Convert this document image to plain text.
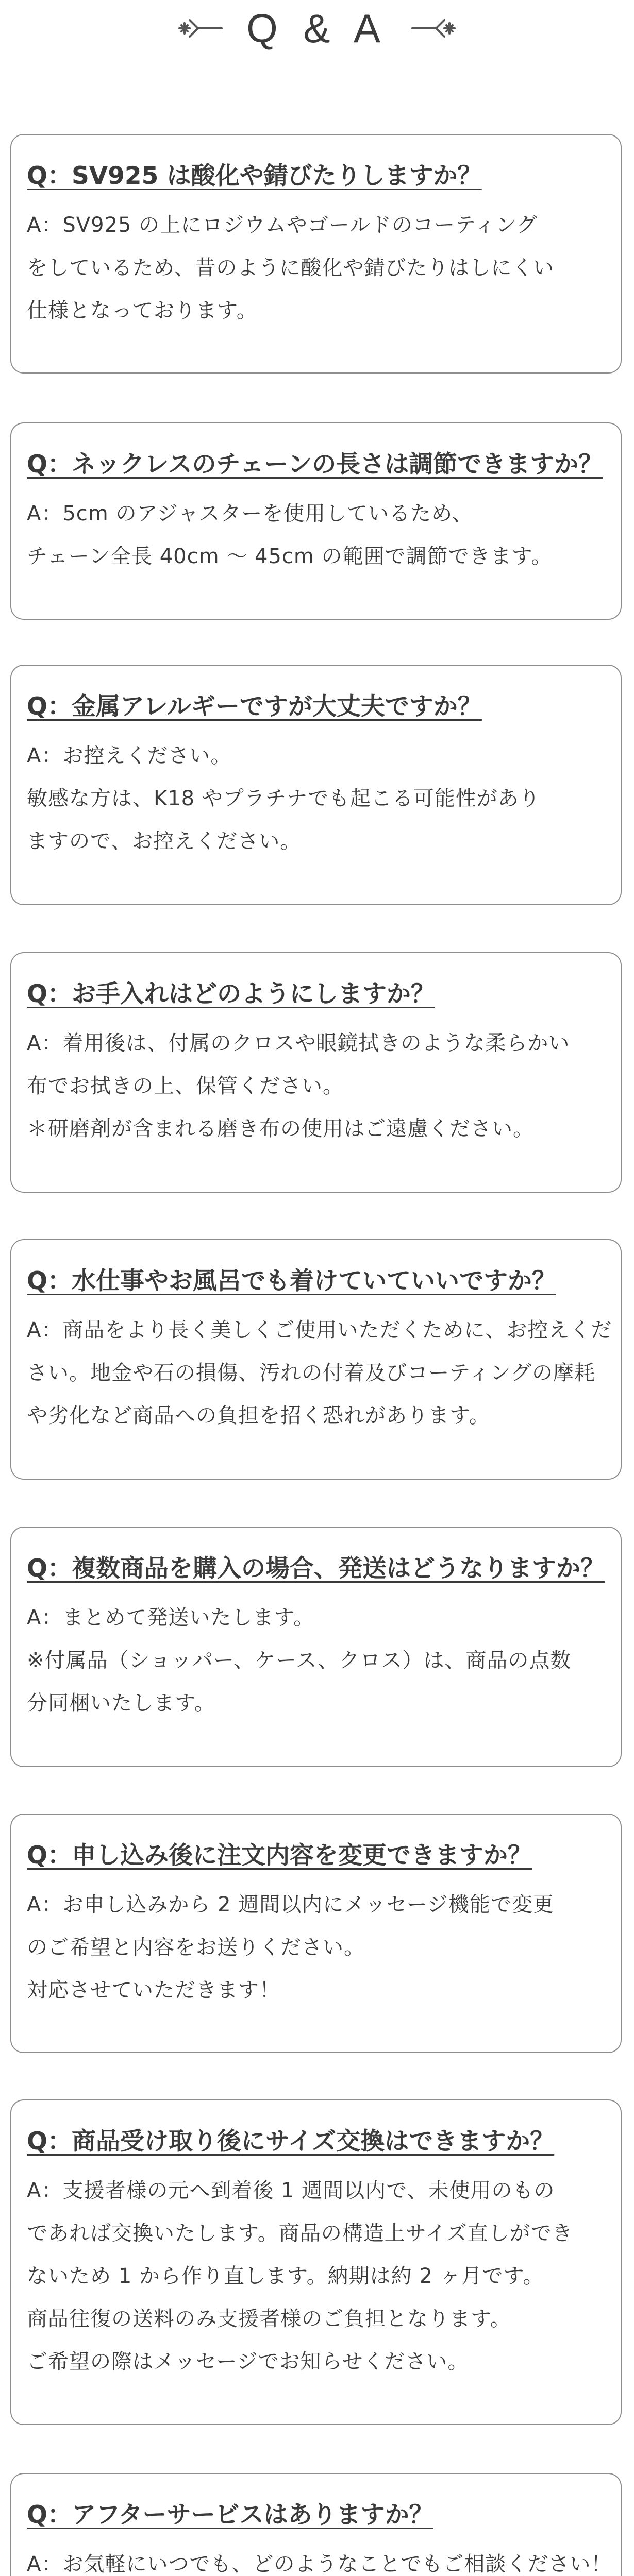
Q & A
Q：SV925 は酸化や錆びたりしますか？
A：SV925 の上にロジウムやゴールドのコーティング
をしているため、昔のように酸化や錆びたりはしにくい
仕様となっております。
Q：ネックレスのチェーンの長さは調節できますか？
A：5cm のアジャスターを使用しているため、
チェーン全長 40cm ～ 45cm の範囲で調節できます。
Q：金属アレルギーですが大丈夫ですか？
A：お控えください。
敏感な方は、K18 やプラチナでも起こる可能性があり
ますので、お控えください。
Q：お手入れはどのようにしますか？
A：着用後は、付属のクロスや眼鏡拭きのような柔らかい
布でお拭きの上、保管ください。
＊研磨剤が含まれる磨き布の使用はご遠慮ください。
Q：水仕事やお風呂でも着けていていいですか？
A：商品をより長く美しくご使用いただくために、お控えくだ
さい。地金や石の損傷、汚れの付着及びコーティングの摩耗
や劣化など商品への負担を招く恐れがあります。
Q：複数商品を購入の場合、発送はどうなりますか？
A：まとめて発送いたします。
※付属品（ショッパー、ケース、クロス）は、商品の点数
分同梱いたします。
Q：申し込み後に注文内容を変更できますか？
A：お申し込みから 2 週間以内にメッセージ機能で変更
のご希望と内容をお送りください。
対応させていただきます！
Q：商品受け取り後にサイズ交換はできますか？
A：支援者様の元へ到着後 1 週間以内で、未使用のもの
であれば交換いたします。商品の構造上サイズ直しができ
ないため 1 から作り直します。納期は約 2 ヶ月です。
商品往復の送料のみ支援者様のご負担となります。
ご希望の際はメッセージでお知らせください。
Q：アフターサービスはありますか？
A：お気軽にいつでも、どのようなことでもご相談ください！
